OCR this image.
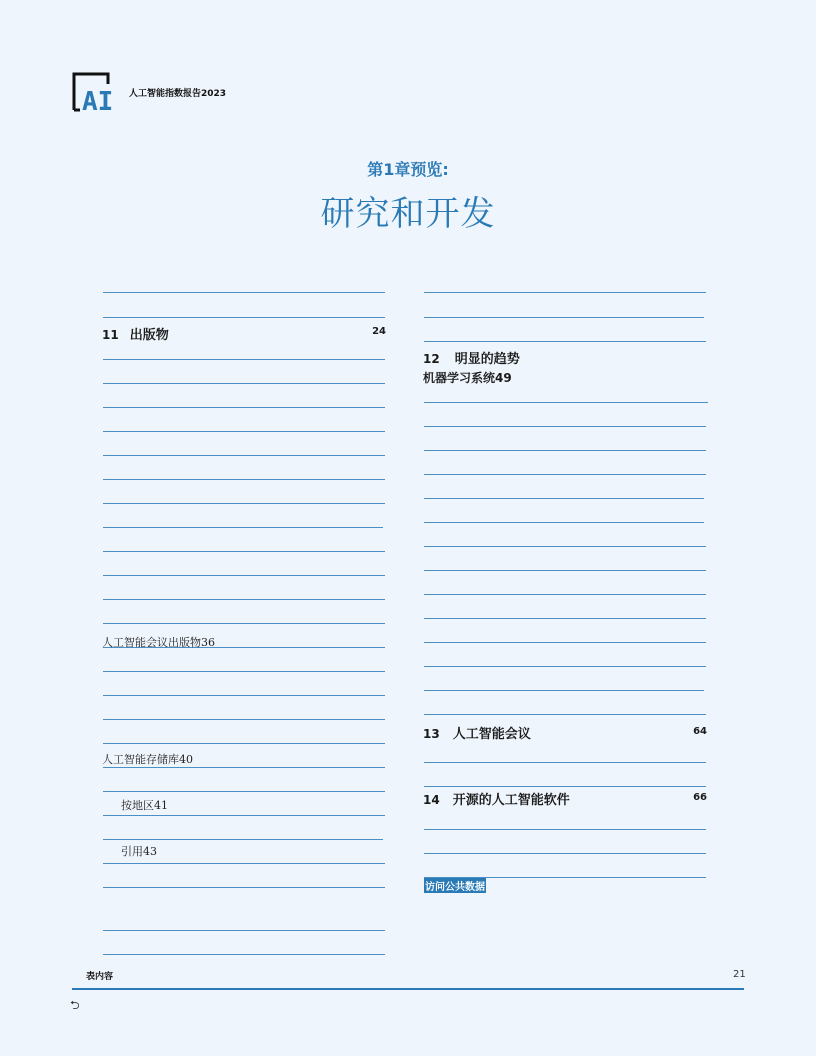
AI 人工智能指数报告2023
第1章预览:
研究和开发
11 出版物	24
人工智能会议出版物36
人工智能存储库40
按地区41
引用43
12 明显的趋势
机器学习系统49
13 人工智能会议	64
14 开源的人工智能软件	66
访问公共数据
表内容	21
⮌
